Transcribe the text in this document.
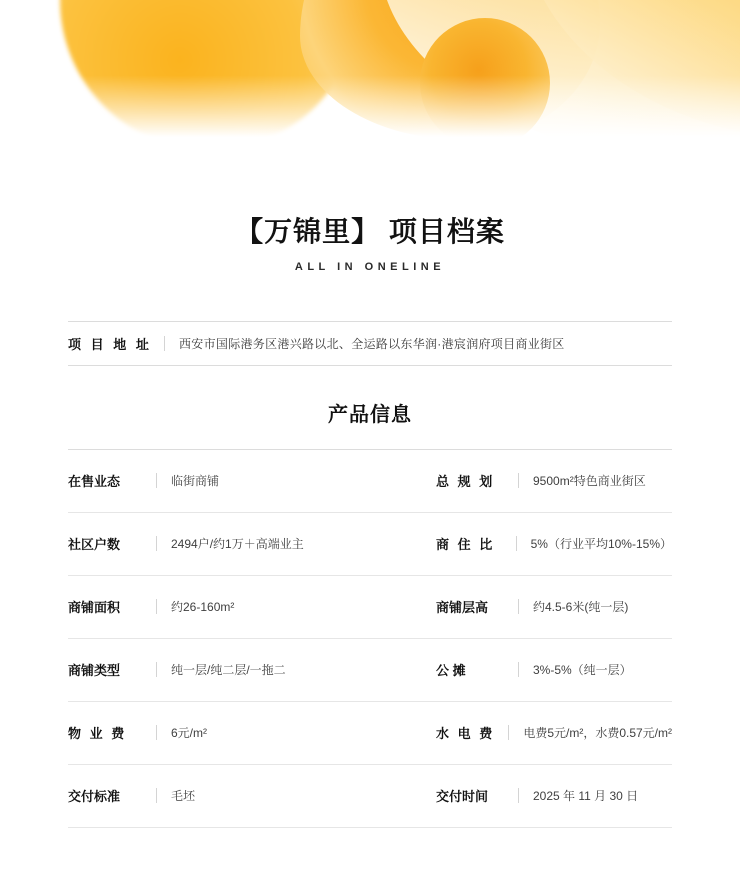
【万锦里】 项目档案
ALL IN ONELINE
项 目 地 址	西安市国际港务区港兴路以北、全运路以东华润·港宸润府项目商业街区
产品信息
在售业态	临街商铺	总 规 划	9500m²特色商业街区
社区户数	2494户/约1万＋高端业主	商 住 比	5%（行业平均10%-15%）
商铺面积	约26-160m²	商铺层高	约4.5-6米(纯一层)
商铺类型	纯一层/纯二层/一拖二	公 摊	3%-5%（纯一层）
物 业 费	6元/m²	水 电 费	电费5元/m²，水费0.57元/m²
交付标准	毛坯	交付时间	2025 年 11 月 30 日
